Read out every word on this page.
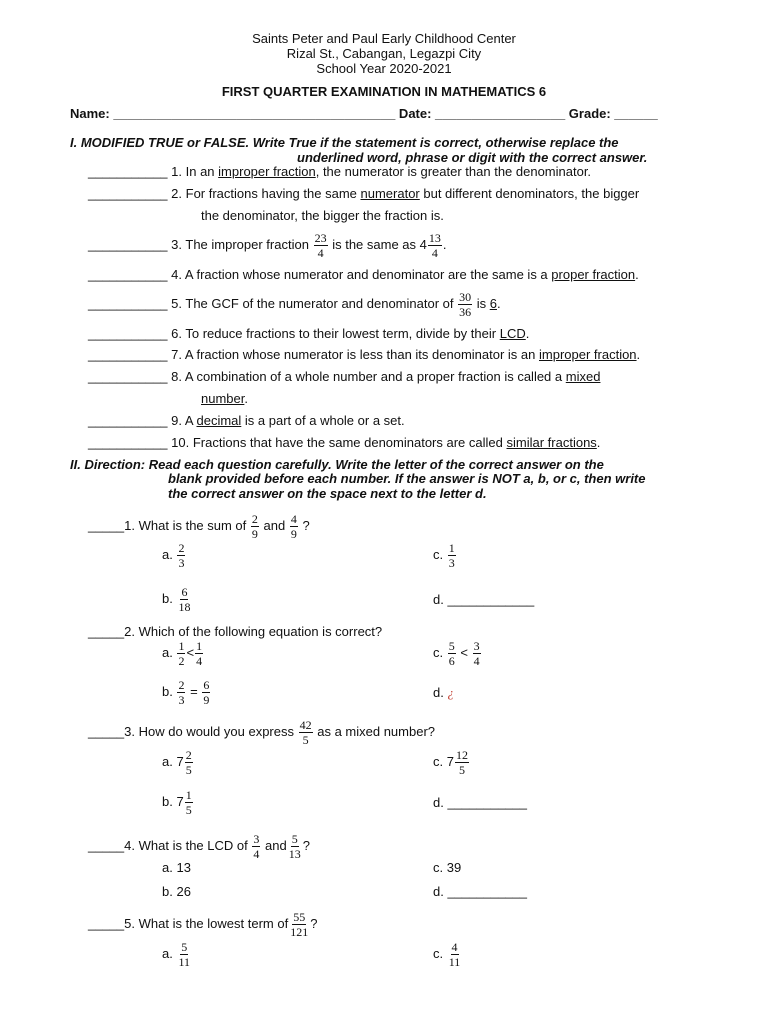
Saints Peter and Paul Early Childhood Center
Rizal St., Cabangan, Legazpi City
School Year 2020-2021
FIRST QUARTER EXAMINATION IN MATHEMATICS 6
Name: _______________________________________ Date: __________________ Grade: ______
I. MODIFIED TRUE or FALSE. Write True if the statement is correct, otherwise replace the
underlined word, phrase or digit with the correct answer.
___________ 1. In an improper fraction, the numerator is greater than the denominator.
___________ 2. For fractions having the same numerator but different denominators, the bigger
the denominator, the bigger the fraction is.
___________ 3. The improper fraction $\frac{23}{4}$ is the same as $4 \frac{13}{4}$ .
___________ 4. A fraction whose numerator and denominator are the same is a proper fraction.
___________ 5. The GCF of the numerator and denominator of $\frac{30}{36}$ is 6.
___________ 6. To reduce fractions to their lowest term, divide by their LCD.
___________ 7. A fraction whose numerator is less than its denominator is an improper fraction.
___________ 8. A combination of a whole number and a proper fraction is called a mixed
number.
___________ 9. A decimal is a part of a whole or a set.
___________ 10. Fractions that have the same denominators are called similar fractions.
II. Direction: Read each question carefully. Write the letter of the correct answer on the
blank provided before each number. If the answer is NOT a, b, or c, then write
the correct answer on the space next to the letter d.
_____1. What is the sum of $\frac{2}{9}$ and $\frac{4}{9}$ ?
a. $\frac{2}{3}$	c. $\frac{1}{3}$
b. $\frac{6}{18}$	d. ____________
_____2. Which of the following equation is correct?
a. $\frac{1}{2} < \frac{1}{4}$	c. $\frac{5}{6} < \frac{3}{4}$
b. $\frac{2}{3} = \frac{6}{9}$	d. ¿
_____3. How do would you express $\frac{42}{5}$ as a mixed number?
a. $7 \frac{2}{5}$	c. $7 \frac{12}{5}$
b. $7 \frac{1}{5}$	d. ___________
_____4. What is the LCD of $\frac{3}{4}$ and $\frac{5}{13}$ ?
a. 13	c. 39
b. 26	d. ___________
_____5. What is the lowest term of $\frac{55}{121}$ ?
a. $\frac{5}{11}$	c. $\frac{4}{11}$
